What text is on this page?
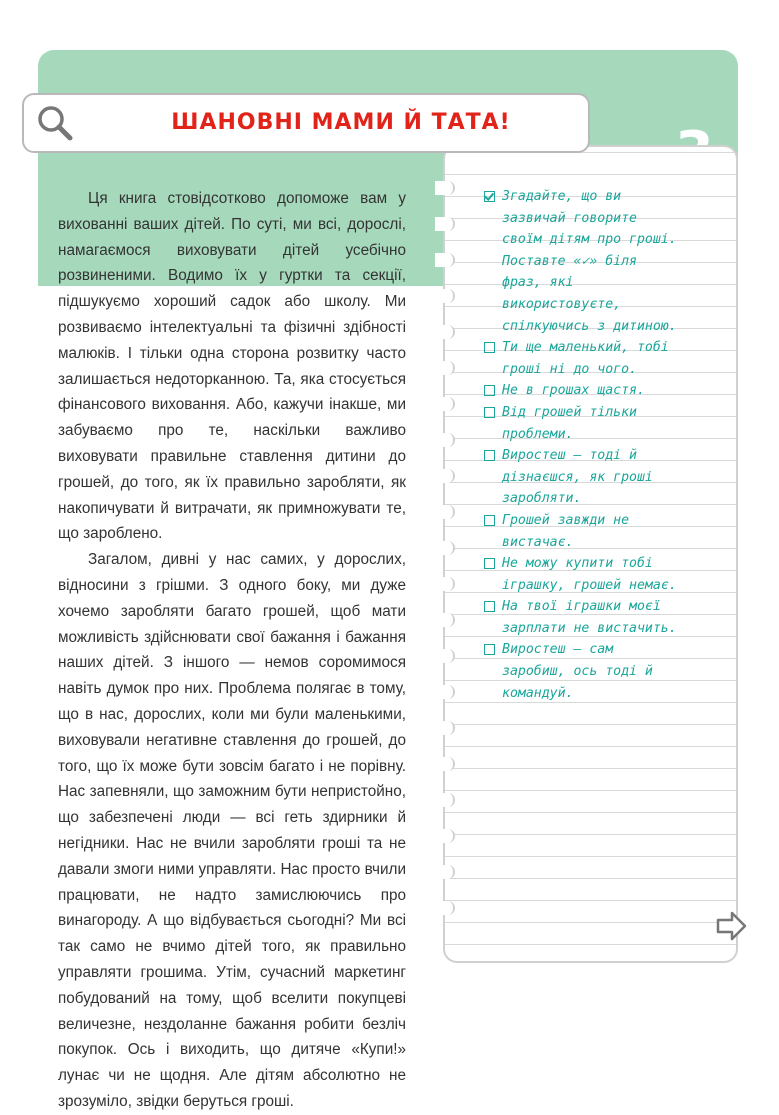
ШАНОВНІ МАМИ Й ТАТА!

Ця книга стовідсотково допоможе вам у вихованні ваших дітей. По суті, ми всі, дорослі, намагаємося виховувати дітей усебічно розвиненими. Водимо їх у гуртки та секції, підшукуємо хороший садок або школу. Ми розвиваємо інтелектуальні та фізичні здібності малюків. І тільки одна сторона розвитку часто залишається недоторканною. Та, яка стосується фінансового виховання. Або, кажучи інакше, ми забуваємо про те, наскільки важливо виховувати правильне ставлення дитини до грошей, до того, як їх правильно заробляти, як накопичувати й витрачати, як примножувати те, що зароблено.

Загалом, дивні у нас самих, у дорослих, відносини з грішми. З одного боку, ми дуже хочемо заробляти багато грошей, щоб мати можливість здійснювати свої бажання і бажання наших дітей. З іншого — немов соромимося навіть думок про них. Проблема полягає в тому, що в нас, дорослих, коли ми були маленькими, виховували негативне ставлення до грошей, до того, що їх може бути зовсім багато і не порівну. Нас запевняли, що заможним бути непристойно, що забезпечені люди — всі геть здирники й негідники. Нас не вчили заробляти гроші та не давали змоги ними управляти. Нас просто вчили працювати, не надто замислюючись про винагороду. А що відбувається сьогодні? Ми всі так само не вчимо дітей того, як правильно управляти грошима. Утім, сучасний маркетинг побудований на тому, щоб вселити покупцеві величезне, нездоланне бажання робити безліч покупок. Ось і виходить, що дитяче «Купи!» лунає чи не щодня. Але дітям абсолютно не зрозуміло, звідки беруться гроші.

Згадайте, що ви зазвичай говорите своїм дітям про гроші. Поставте «✓» біля фраз, які використовуєте, спілкуючись з дитиною.
Ти ще маленький, тобі гроші ні до чого.
Не в грошах щастя.
Від грошей тільки проблеми.
Виростеш — тоді й дізнаєшся, як гроші заробляти.
Грошей завжди не вистачає.
Не можу купити тобі іграшку, грошей немає.
На твої іграшки моєї зарплати не вистачить.
Виростеш — сам заробиш, ось тоді й командуй.
